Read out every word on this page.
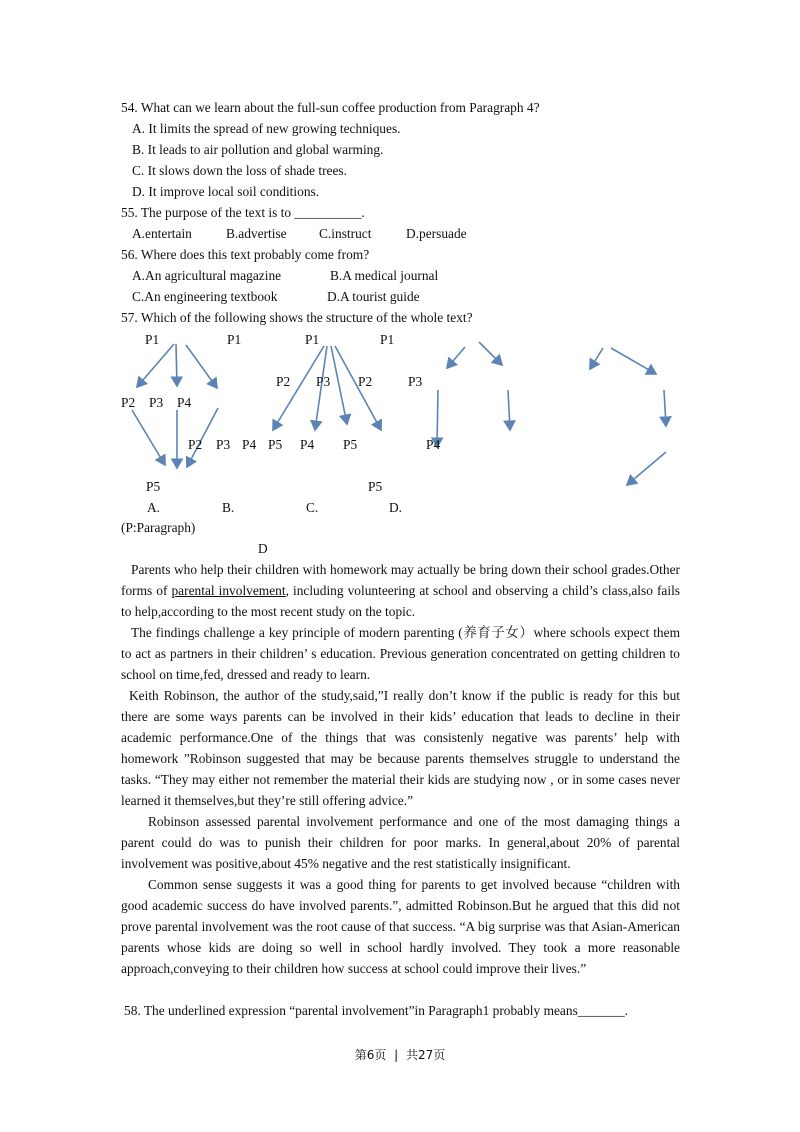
54. What can we learn about the full-sun coffee production from Paragraph 4?
A. It limits the spread of new growing techniques.
B. It leads to air pollution and global warming.
C. It slows down the loss of shade trees.
D. It improve local soil conditions.
55. The purpose of the text is to __________.
A.entertain	B.advertise C.instruct	D.persuade
56. Where does this text probably come from?
A.An agricultural magazine	B.A medical journal
C.An engineering textbook	D.A tourist guide
57. Which of the following shows the structure of the whole text?
P1	P1	P1	P1
P2 P3 P2	P3
P2 P3 P4
P2 P3 P4 P5 P4 P5	P4
P5	P5
A.	B.	C.	D.
(P:Paragraph)
D
Parents who help their children with homework may actually be bring down their school grades.Other forms of parental involvement, including volunteering at school and observing a child’s class,also fails to help,according to the most recent study on the topic.
The findings challenge a key principle of modern parenting (养育子女）where schools expect them to act as partners in their children’ s education. Previous generation concentrated on getting children to school on time,fed, dressed and ready to learn.
Keith Robinson, the author of the study,said,”I really don’t know if the public is ready for this but there are some ways parents can be involved in their kids’ education that leads to decline in their academic performance.One of the things that was consistenly negative was parents’ help with homework ”Robinson suggested that may be because parents themselves struggle to understand the tasks. “They may either not remember the material their kids are studying now , or in some cases never learned it themselves,but they’re still offering advice.”
Robinson assessed parental involvement performance and one of the most damaging things a parent could do was to punish their children for poor marks. In general,about 20% of parental involvement was positive,about 45% negative and the rest statistically insignificant.
Common sense suggests it was a good thing for parents to get involved because “children with good academic success do have involved parents.”, admitted Robinson.But he argued that this did not prove parental involvement was the root cause of that success. “A big surprise was that Asian-American parents whose kids are doing so well in school hardly involved. They took a more reasonable approach,conveying to their children how success at school could improve their lives.”
58. The underlined expression “parental involvement”in Paragraph1 probably means_______.
第6页 | 共27页
